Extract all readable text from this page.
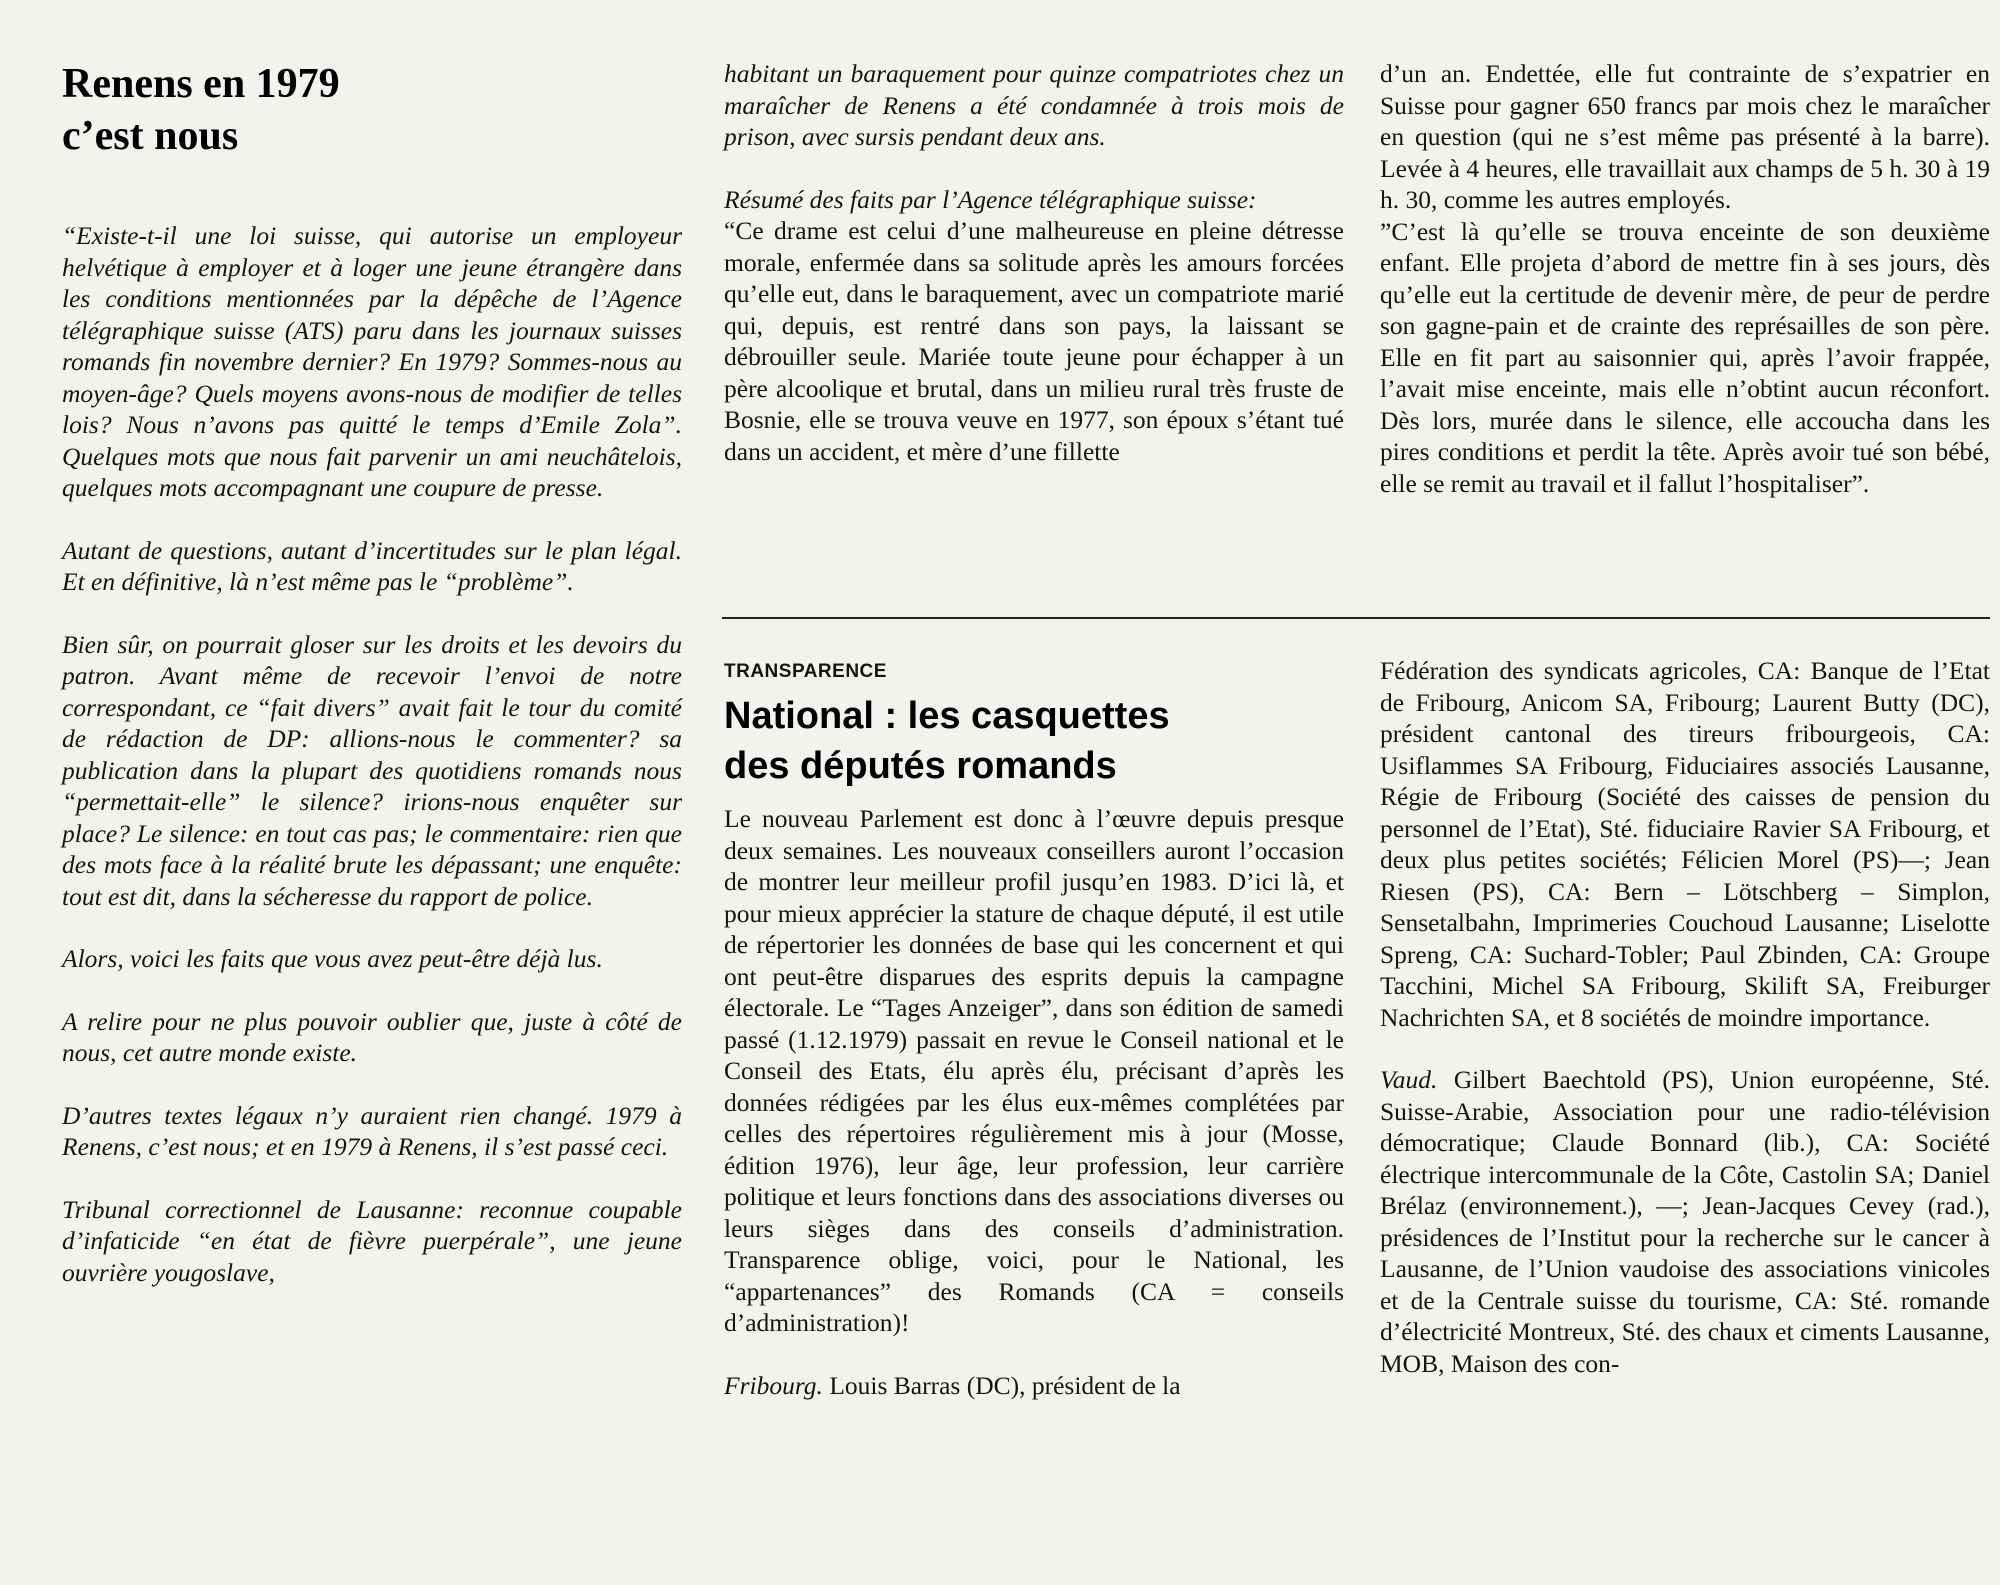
Renens en 1979
c’est nous

“Existe-t-il une loi suisse, qui autorise un employeur helvétique à employer et à loger une jeune étrangère dans les conditions mentionnées par la dépêche de l’Agence télégraphique suisse (ATS) paru dans les journaux suisses romands fin novembre dernier? En 1979? Sommes-nous au moyen-âge? Quels moyens avons-nous de modifier de telles lois? Nous n’avons pas quitté le temps d’Emile Zola”. Quelques mots que nous fait parvenir un ami neuchâtelois, quelques mots accompagnant une coupure de presse.

Autant de questions, autant d’incertitudes sur le plan légal. Et en définitive, là n’est même pas le “problème”.

Bien sûr, on pourrait gloser sur les droits et les devoirs du patron. Avant même de recevoir l’envoi de notre correspondant, ce “fait divers” avait fait le tour du comité de rédaction de DP: allions-nous le commenter? sa publication dans la plupart des quotidiens romands nous “permettait-elle” le silence? irions-nous enquêter sur place? Le silence: en tout cas pas; le commentaire: rien que des mots face à la réalité brute les dépassant; une enquête: tout est dit, dans la sécheresse du rapport de police.

Alors, voici les faits que vous avez peut-être déjà lus.

A relire pour ne plus pouvoir oublier que, juste à côté de nous, cet autre monde existe.

D’autres textes légaux n’y auraient rien changé. 1979 à Renens, c’est nous; et en 1979 à Renens, il s’est passé ceci.

Tribunal correctionnel de Lausanne: reconnue coupable d’infaticide “en état de fièvre puerpérale”, une jeune ouvrière yougoslave,

habitant un baraquement pour quinze compatriotes chez un maraîcher de Renens a été condamnée à trois mois de prison, avec sursis pendant deux ans.

Résumé des faits par l’Agence télégraphique suisse:

“Ce drame est celui d’une malheureuse en pleine détresse morale, enfermée dans sa solitude après les amours forcées qu’elle eut, dans le baraquement, avec un compatriote marié qui, depuis, est rentré dans son pays, la laissant se débrouiller seule. Mariée toute jeune pour échapper à un père alcoolique et brutal, dans un milieu rural très fruste de Bosnie, elle se trouva veuve en 1977, son époux s’étant tué dans un accident, et mère d’une fillette

d’un an. Endettée, elle fut contrainte de s’expatrier en Suisse pour gagner 650 francs par mois chez le maraîcher en question (qui ne s’est même pas présenté à la barre). Levée à 4 heures, elle travaillait aux champs de 5 h. 30 à 19 h. 30, comme les autres employés.

”C’est là qu’elle se trouva enceinte de son deuxième enfant. Elle projeta d’abord de mettre fin à ses jours, dès qu’elle eut la certitude de devenir mère, de peur de perdre son gagne-pain et de crainte des représailles de son père. Elle en fit part au saisonnier qui, après l’avoir frappée, l’avait mise enceinte, mais elle n’obtint aucun réconfort. Dès lors, murée dans le silence, elle accoucha dans les pires conditions et perdit la tête. Après avoir tué son bébé, elle se remit au travail et il fallut l’hospitaliser”.

TRANSPARENCE
National : les casquettes
des députés romands

Le nouveau Parlement est donc à l’œuvre depuis presque deux semaines. Les nouveaux conseillers auront l’occasion de montrer leur meilleur profil jusqu’en 1983. D’ici là, et pour mieux apprécier la stature de chaque député, il est utile de répertorier les données de base qui les concernent et qui ont peut-être disparues des esprits depuis la campagne électorale. Le “Tages Anzeiger”, dans son édition de samedi passé (1.12.1979) passait en revue le Conseil national et le Conseil des Etats, élu après élu, précisant d’après les données rédigées par les élus eux-mêmes complétées par celles des répertoires régulièrement mis à jour (Mosse, édition 1976), leur âge, leur profession, leur carrière politique et leurs fonctions dans des associations diverses ou leurs sièges dans des conseils d’administration. Transparence oblige, voici, pour le National, les “appartenances” des Romands (CA = conseils d’administration)!

Fribourg. Louis Barras (DC), président de la

Fédération des syndicats agricoles, CA: Banque de l’Etat de Fribourg, Anicom SA, Fribourg; Laurent Butty (DC), président cantonal des tireurs fribourgeois, CA: Usiflammes SA Fribourg, Fiduciaires associés Lausanne, Régie de Fribourg (Société des caisses de pension du personnel de l’Etat), Sté. fiduciaire Ravier SA Fribourg, et deux plus petites sociétés; Félicien Morel (PS)—; Jean Riesen (PS), CA: Bern – Lötschberg – Simplon, Sensetalbahn, Imprimeries Couchoud Lausanne; Liselotte Spreng, CA: Suchard-Tobler; Paul Zbinden, CA: Groupe Tacchini, Michel SA Fribourg, Skilift SA, Freiburger Nachrichten SA, et 8 sociétés de moindre importance.

Vaud. Gilbert Baechtold (PS), Union européenne, Sté. Suisse-Arabie, Association pour une radio-télévision démocratique; Claude Bonnard (lib.), CA: Société électrique intercommunale de la Côte, Castolin SA; Daniel Brélaz (environnement.), —; Jean-Jacques Cevey (rad.), présidences de l’Institut pour la recherche sur le cancer à Lausanne, de l’Union vaudoise des associations vinicoles et de la Centrale suisse du tourisme, CA: Sté. romande d’électricité Montreux, Sté. des chaux et ciments Lausanne, MOB, Maison des con-
